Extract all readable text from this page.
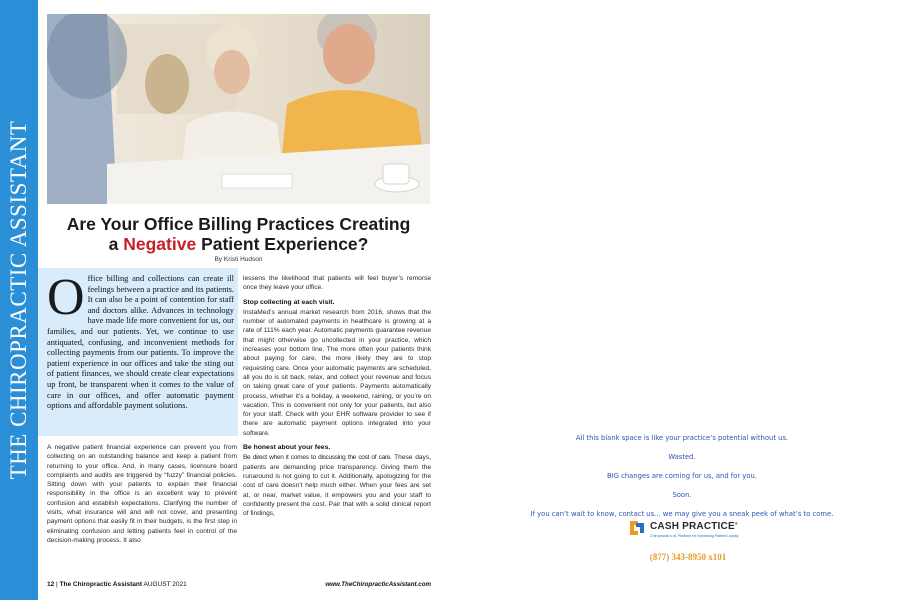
THE CHIROPRACTIC ASSISTANT	Are Your Office Billing Practices Creating
a Negative Patient Experience?
By Kristi Hudson
O ffice billing and collections can create ill feelings between a practice and its patients. It can also be a point of contention for staff and doctors alike. Advances in technology have made life more convenient for us, our families, and our patients. Yet, we continue to use antiquated, confusing, and inconvenient methods for collecting payments from our patients. To improve the patient experience in our offices and take the sting out of patient finances, we should create clear expectations up front, be transparent when it comes to the value of care in our offices, and offer automatic payment options and affordable payment solutions.

A negative patient financial experience can prevent you from collecting on an outstanding balance and keep a patient from returning to your office. And, in many cases, licensure board complaints and audits are triggered by “fuzzy” financial policies. Sitting down with your patients to explain their financial responsibility in the office is an excellent way to prevent confusion and establish expectations. Clarifying the number of visits, what insurance will and will not cover, and presenting payment options that easily fit in their budgets, is the first step in eliminating confusion and letting patients feel in control of the decision-making process. It also

lessens the likelihood that patients will feel buyer’s remorse once they leave your office.

Stop collecting at each visit.

InstaMed’s annual market research from 2016, shows that the number of automated payments in healthcare is growing at a rate of 111% each year. Automatic payments guarantee revenue that might otherwise go uncollected in your practice, which increases your bottom line. The more often your patients think about paying for care, the more likely they are to stop requesting care. Once your automatic payments are scheduled, all you do is sit back, relax, and collect your revenue and focus on taking great care of your patients. Payments automatically process, whether it’s a holiday, a weekend, raining, or you’re on vacation. This is convenient not only for your patients, but also for your staff. Check with your EHR software provider to see if there are automatic payment options integrated into your software.

Be honest about your fees.

Be direct when it comes to discussing the cost of care. These days, patients are demanding price transparency. Giving them the runaround is not going to cut it. Additionally, apologizing for the cost of care doesn’t help much either. When your fees are set at, or near, market value, it empowers you and your staff to confidently present the cost. Pair that with a solid clinical report of findings,

12 | The Chiropractic Assistant AUGUST 2021	www.TheChiropracticAssistant.com

All this blank space is like your practice’s potential without us.

Wasted.

BIG changes are coming for us, and for you.

Soon.

If you can’t wait to know, contact us... we may give you a sneak peek of what’s to come.

CASH PRACTICE®
Chiropractic’s #1 Platform for Increasing Patient Loyalty
(877) 343-8950 x101
